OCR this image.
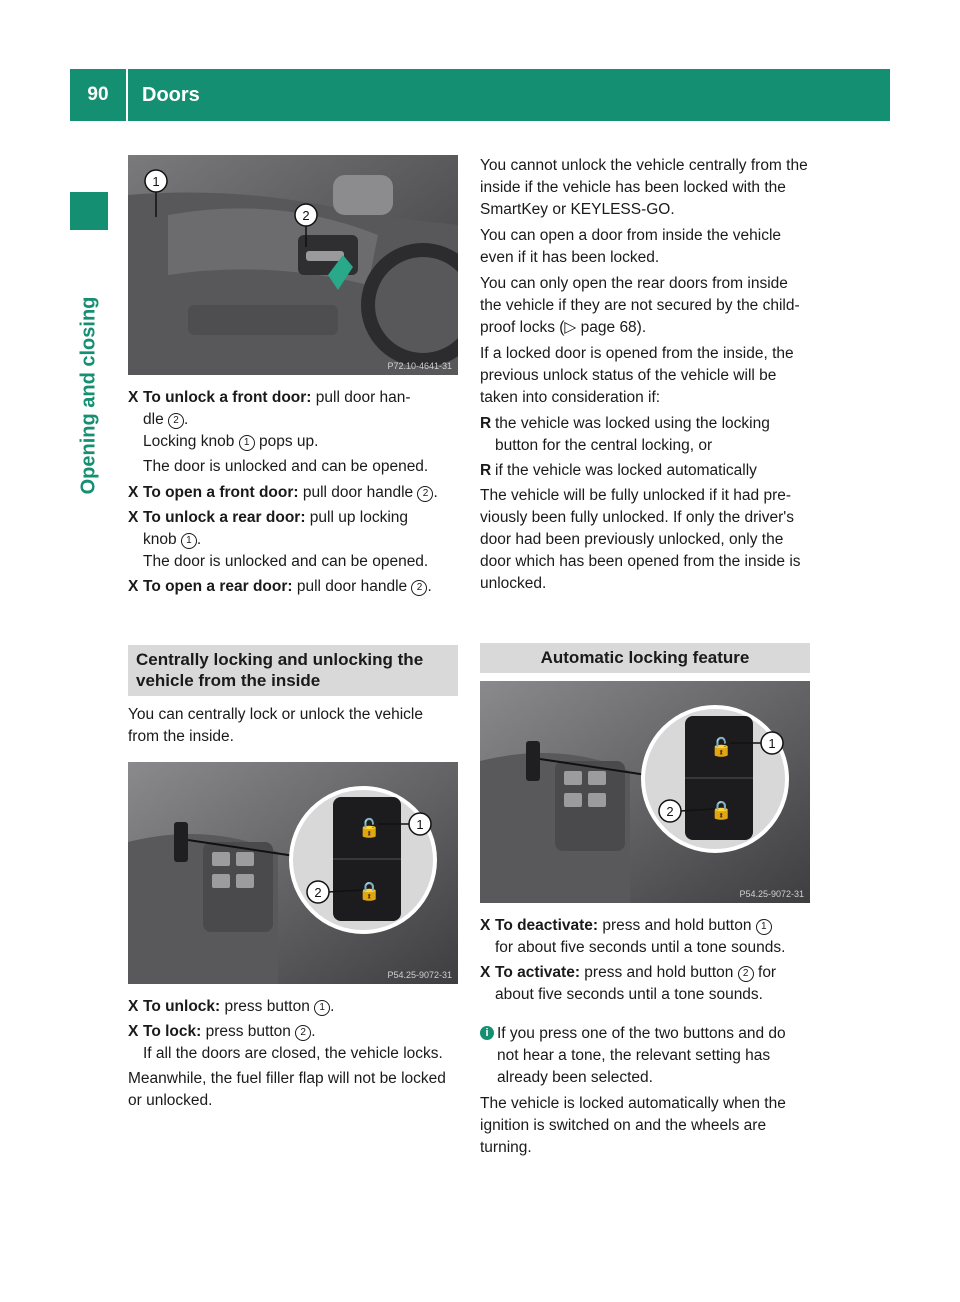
90	Doors
Opening and closing
1
2
P72.10-4641-31
X To unlock a front door: pull door han-
dle 2 .
Locking knob 1 pops up.
The door is unlocked and can be opened.
X To open a front door: pull door handle 2 .
X To unlock a rear door: pull up locking
knob 1 .
The door is unlocked and can be opened.
X To open a rear door: pull door handle 2 .
Centrally locking and unlocking the vehicle from the inside
You can centrally lock or unlock the vehicle from the inside.
🔓
🔒
1
2
P54.25-9072-31
X To unlock: press button 1 .
X To lock: press button 2 .
If all the doors are closed, the vehicle locks.
Meanwhile, the fuel filler flap will not be locked or unlocked.
You cannot unlock the vehicle centrally from the inside if the vehicle has been locked with the SmartKey or KEYLESS-GO.
You can open a door from inside the vehicle even if it has been locked.
You can only open the rear doors from inside the vehicle if they are not secured by the child-proof locks (▷ page 68).
If a locked door is opened from the inside, the previous unlock status of the vehicle will be taken into consideration if:
R the vehicle was locked using the locking button for the central locking, or
R if the vehicle was locked automatically
The vehicle will be fully unlocked if it had pre-viously been fully unlocked. If only the driver's door had been previously unlocked, only the door which has been opened from the inside is unlocked.
Automatic locking feature
🔓
🔒
1
2
P54.25-9072-31
X To deactivate: press and hold button 1
for about five seconds until a tone sounds.
X To activate: press and hold button 2 for
about five seconds until a tone sounds.
i If you press one of the two buttons and do not hear a tone, the relevant setting has already been selected.
The vehicle is locked automatically when the ignition is switched on and the wheels are turning.
